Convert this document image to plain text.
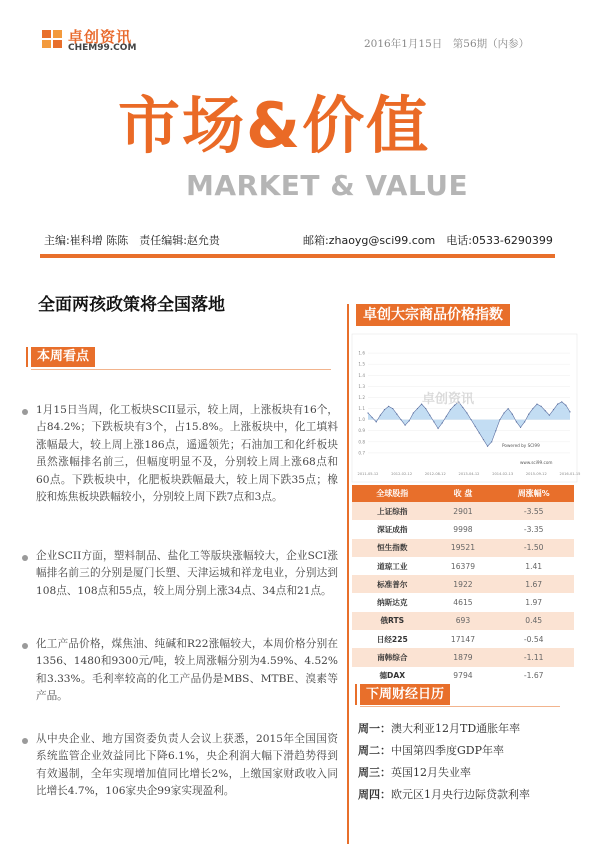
卓创资讯
CHEM99.COM	2016年1月15日　第56期（内参）
市场&价值
MARKET & VALUE
主编:崔科增 陈陈　责任编辑:赵允贵	邮箱:zhaoyg@sci99.com　电话:0533-6290399
全面两孩政策将全国落地
本周看点
1月15日当周，化工板块SCII显示，较上周，上涨板块有16个，占84.2%；下跌板块有3个，占15.8%。上涨板块中，化工填料涨幅最大，较上周上涨186点，遥遥领先；石油加工和化纤板块虽然涨幅排名前三，但幅度明显不及，分别较上周上涨68点和60点。下跌板块中，化肥板块跌幅最大，较上周下跌35点；橡胶和炼焦板块跌幅较小，分别较上周下跌7点和3点。
企业SCII方面，塑料制品、盐化工等版块涨幅较大，企业SCI涨幅排名前三的分别是厦门长塑、天津运城和祥龙电业，分别达到108点、108点和55点，较上周分别上涨34点、34点和21点。
化工产品价格，煤焦油、纯碱和R22涨幅较大，本周价格分别在1356、1480和9300元/吨，较上周涨幅分别为4.59%、4.52%和3.33%。毛利率较高的化工产品仍是MBS、MTBE、溴素等产品。
从中央企业、地方国资委负责人会议上获悉，2015年全国国资系统监管企业效益同比下降6.1%，央企利润大幅下滑趋势得到有效遏制，全年实现增加值同比增长2%，上缴国家财政收入同比增长4.7%，106家央企99家实现盈利。
卓创大宗商品价格指数
1.6
1.5
1.4
1.3
1.2
1.1
1.0
0.9
0.8
0.7
2011-05-12	2012-02-12	2012-08-12	2013-04-12	2014-02-13	2015-09-12	2016-01-15
卓创资讯
Powered by SCI99
www.sci99.com
全球股指	收 盘	周涨幅%
上证综指	2901	-3.55
深证成指	9998	-3.35
恒生指数	19521	-1.50
道琼工业	16379	1.41
标准普尔	1922	1.67
纳斯达克	4615	1.97
俄RTS	693	0.45
日经225	17147	-0.54
南韩综合	1879	-1.11
德DAX	9794	-1.67
下周财经日历
周一：澳大利亚12月TD通胀年率
周二：中国第四季度GDP年率
周三：英国12月失业率
周四：欧元区1月央行边际贷款利率
